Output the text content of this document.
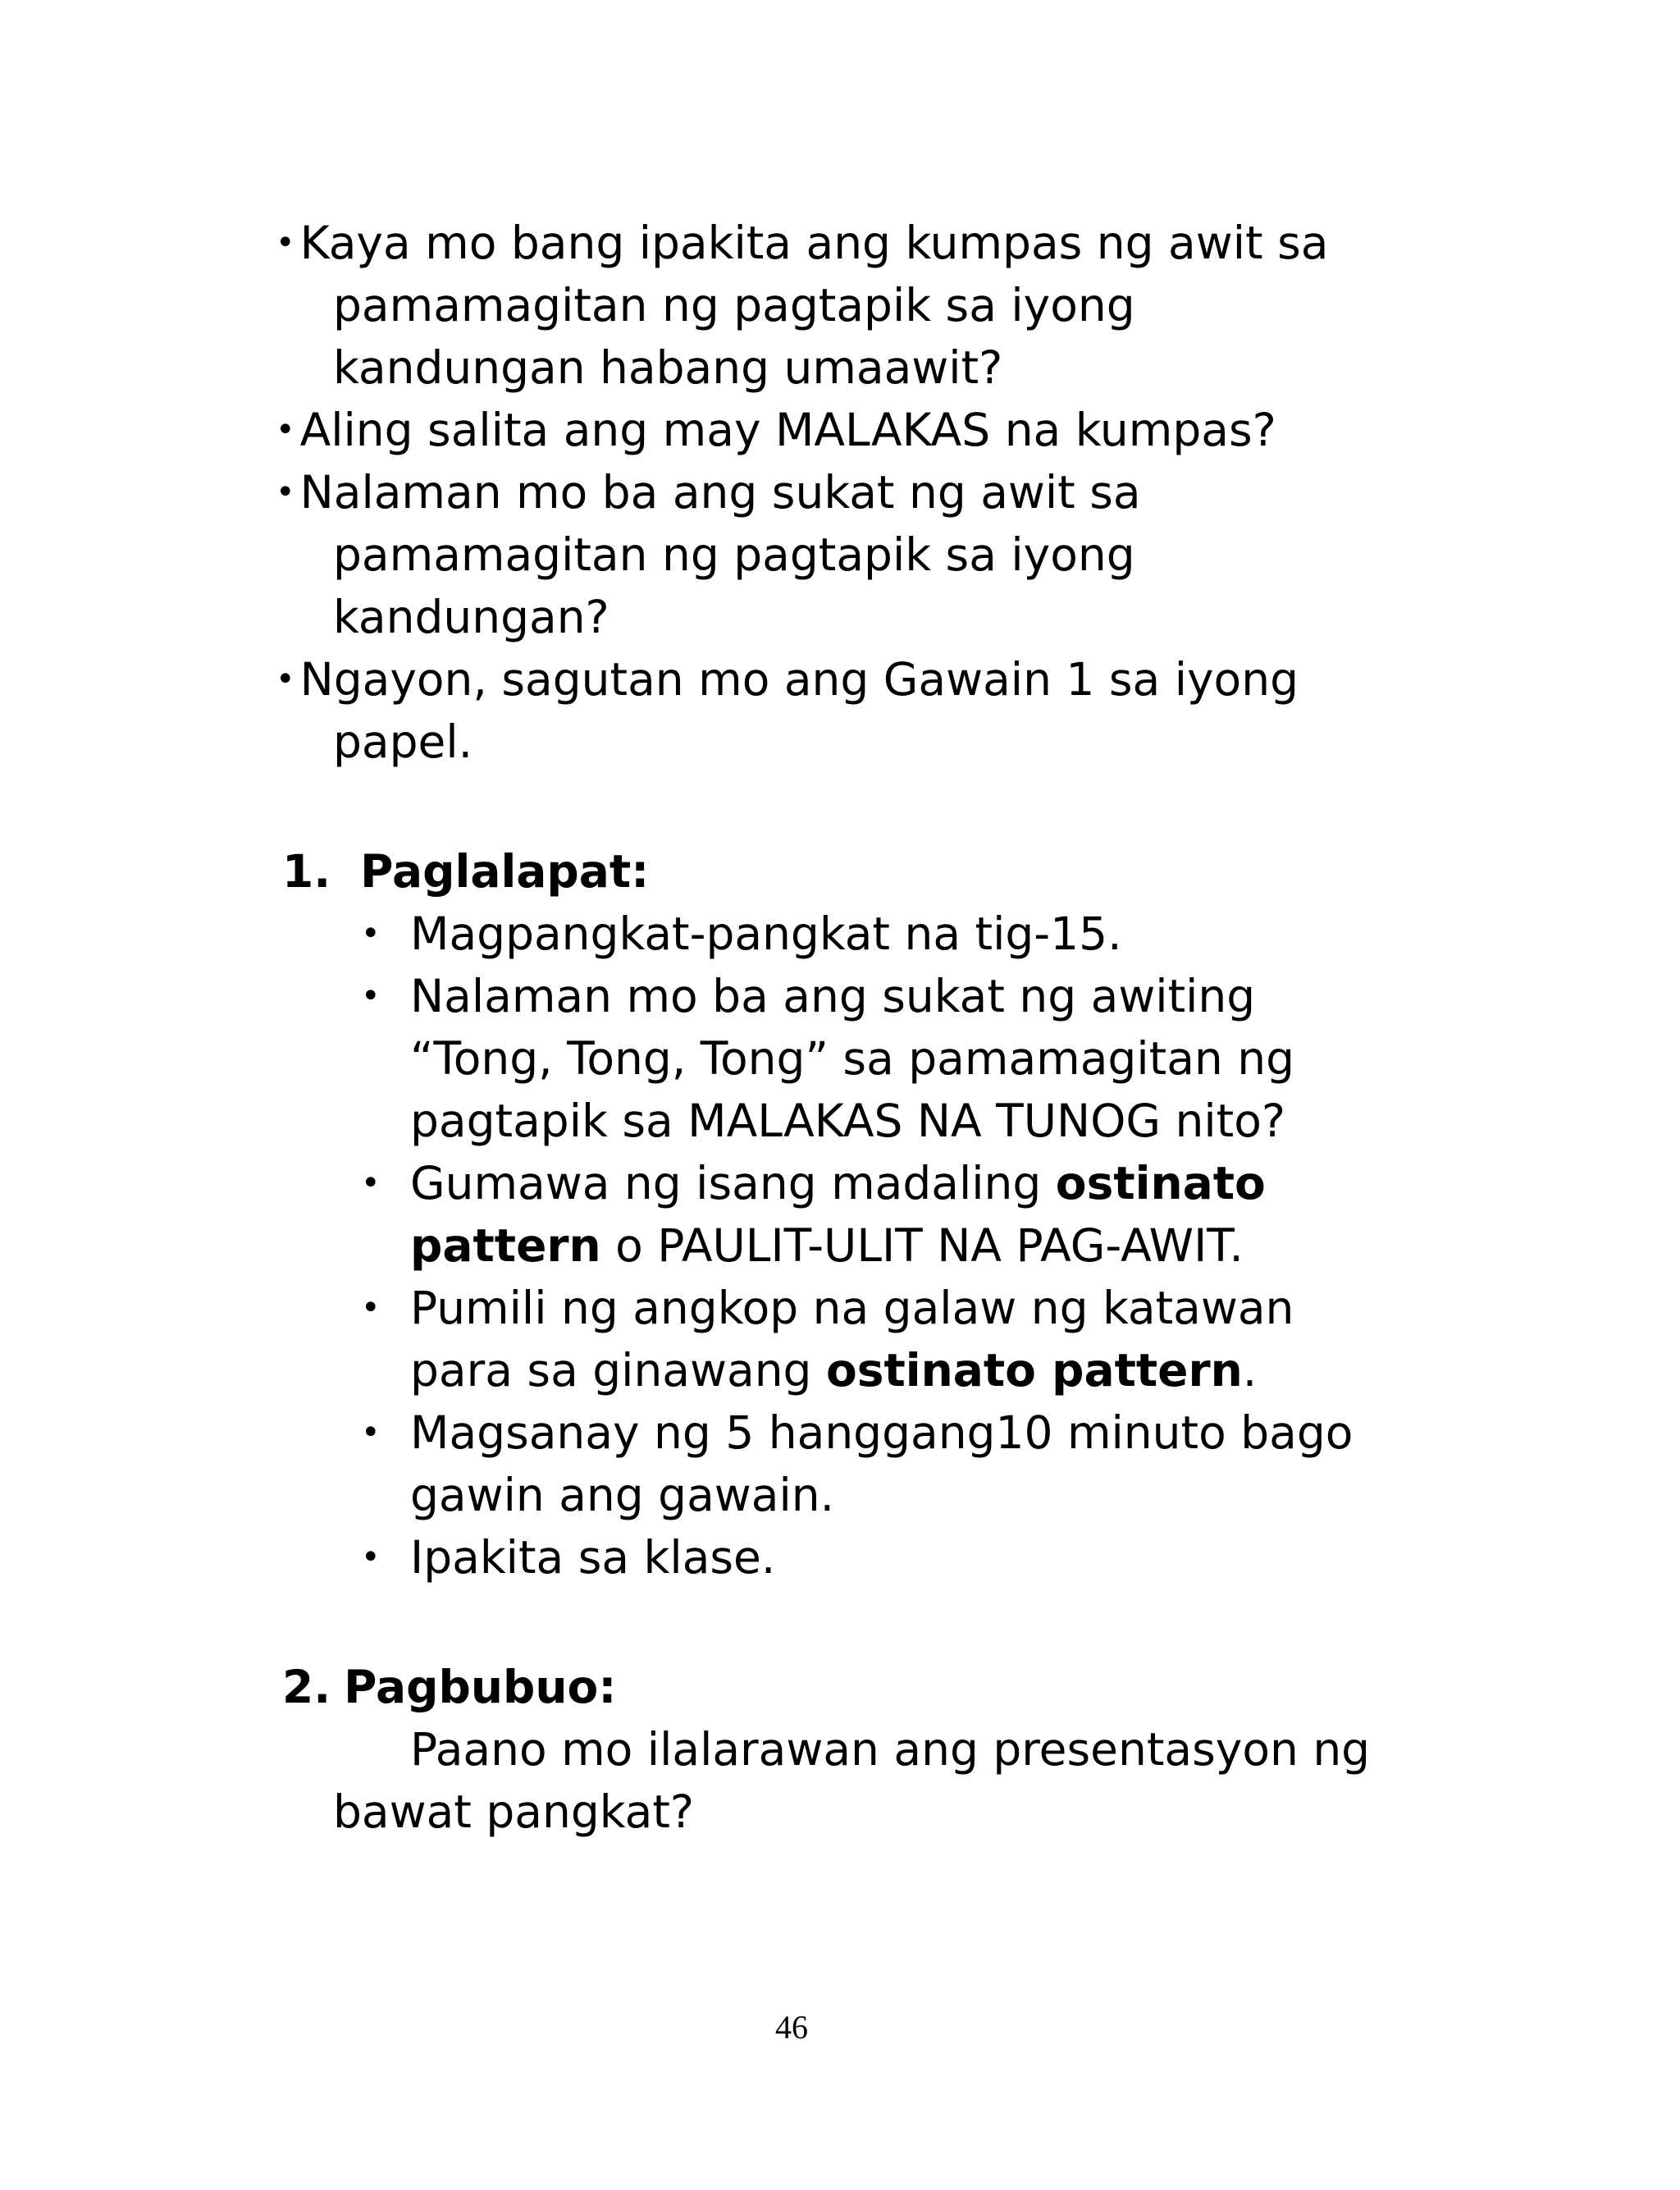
• Kaya mo bang ipakita ang kumpas ng awit sa

pamamagitan ng pagtapik sa iyong

kandungan habang umaawit?

• Aling salita ang may MALAKAS na kumpas?

• Nalaman mo ba ang sukat ng awit sa

pamamagitan ng pagtapik sa iyong

kandungan?

• Ngayon, sagutan mo ang Gawain 1 sa iyong

papel.

1. Paglalapat:

• Magpangkat-pangkat na tig-15.

• Nalaman mo ba ang sukat ng awiting

“Tong, Tong, Tong” sa pamamagitan ng

pagtapik sa MALAKAS NA TUNOG nito?

• Gumawa ng isang madaling ostinato

pattern o PAULIT-ULIT NA PAG-AWIT.

• Pumili ng angkop na galaw ng katawan

para sa ginawang ostinato pattern.

• Magsanay ng 5 hanggang10 minuto bago

gawin ang gawain.

• Ipakita sa klase.

2. Pagbubuo:

Paano mo ilalarawan ang presentasyon ng

bawat pangkat?

46
